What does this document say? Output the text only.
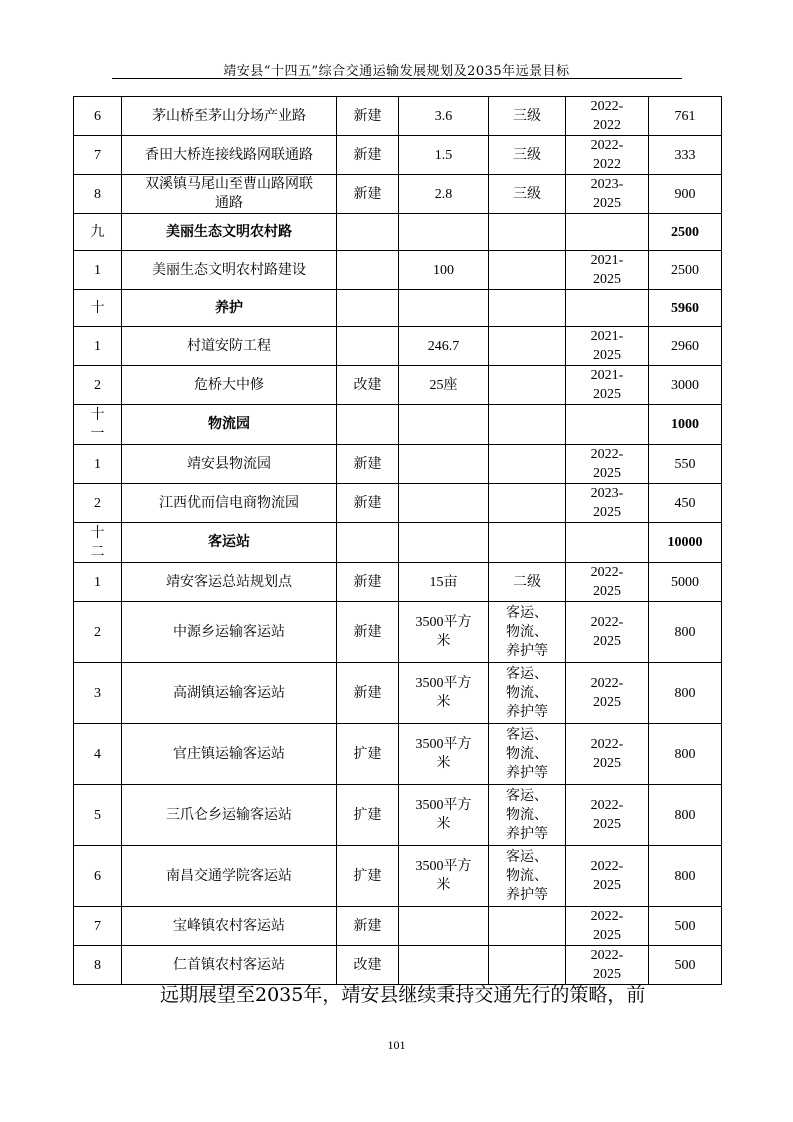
靖安县“十四五”综合交通运输发展规划及2035年远景目标
6	茅山桥至茅山分场产业路	新建	3.6	三级	2022-
2022	761
7	香田大桥连接线路网联通路	新建	1.5	三级	2022-
2022	333
8	双溪镇马尾山至曹山路网联
通路	新建	2.8	三级	2023-
2025	900
九	美丽生态文明农村路					2500
1	美丽生态文明农村路建设		100		2021-
2025	2500
十	养护					5960
1	村道安防工程		246.7		2021-
2025	2960
2	危桥大中修	改建	25座		2021-
2025	3000
十
一	物流园					1000
1	靖安县物流园	新建			2022-
2025	550
2	江西优而信电商物流园	新建			2023-
2025	450
十
二	客运站					10000
1	靖安客运总站规划点	新建	15亩	二级	2022-
2025	5000
2	中源乡运输客运站	新建	3500平方
米	客运、
物流、
养护等	2022-
2025	800
3	高湖镇运输客运站	新建	3500平方
米	客运、
物流、
养护等	2022-
2025	800
4	官庄镇运输客运站	扩建	3500平方
米	客运、
物流、
养护等	2022-
2025	800
5	三爪仑乡运输客运站	扩建	3500平方
米	客运、
物流、
养护等	2022-
2025	800
6	南昌交通学院客运站	扩建	3500平方
米	客运、
物流、
养护等	2022-
2025	800
7	宝峰镇农村客运站	新建			2022-
2025	500
8	仁首镇农村客运站	改建			2022-
2025	500
远期展望至2035年，靖安县继续秉持交通先行的策略，前
101
